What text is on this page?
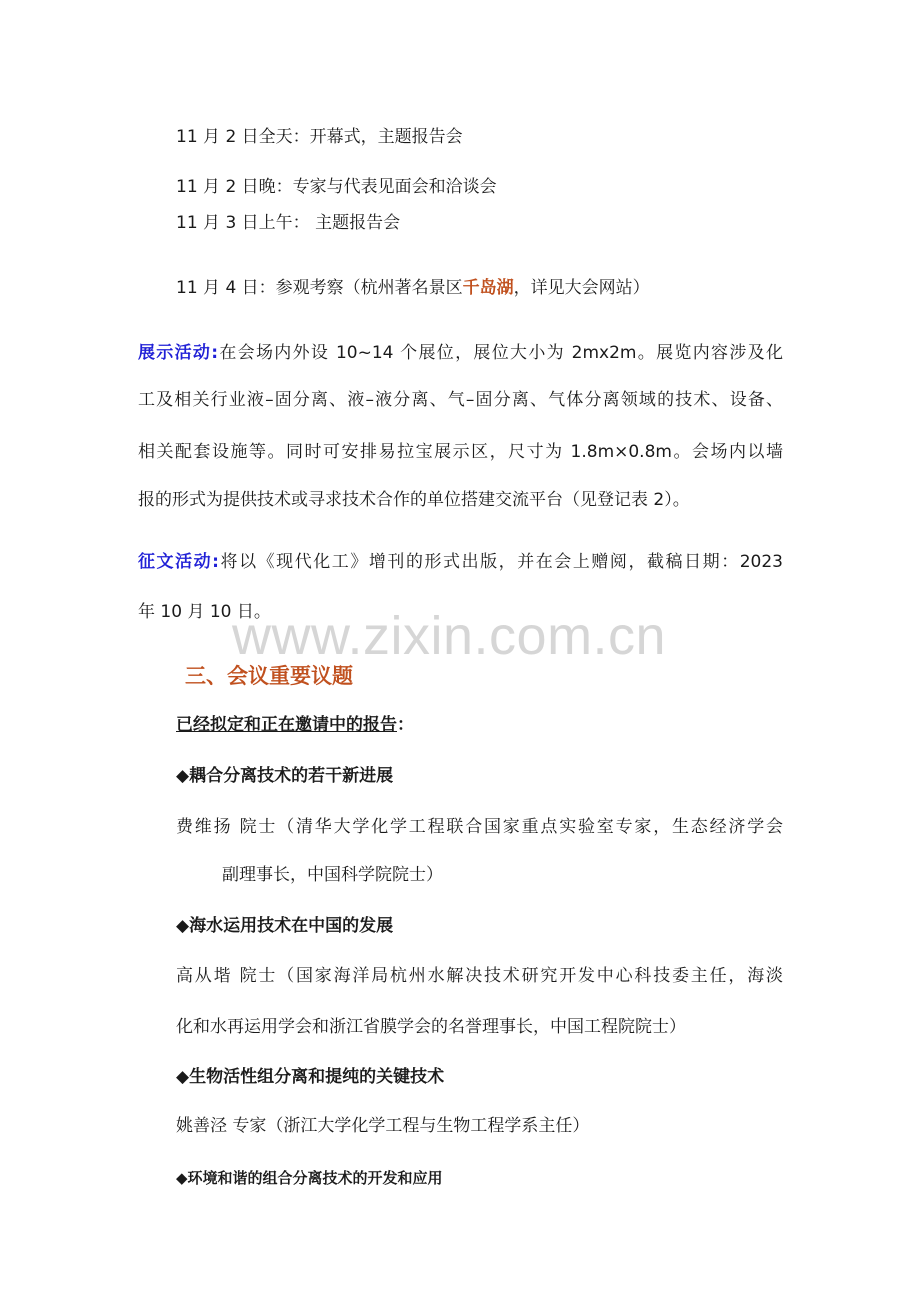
11 月 2 日全天：开幕式，主题报告会
11 月 2 日晚：专家与代表见面会和洽谈会
11 月 3 日上午： 主题报告会
11 月 4 日：参观考察（杭州著名景区千岛湖，详见大会网站）
展示活动:在会场内外设 10~14 个展位，展位大小为 2mx2m。展览内容涉及化
工及相关行业液–固分离、液–液分离、气–固分离、气体分离领域的技术、设备、
相关配套设施等。同时可安排易拉宝展示区，尺寸为 1.8m×0.8m。会场内以墙
报的形式为提供技术或寻求技术合作的单位搭建交流平台（见登记表 2）。
征文活动:将以《现代化工》增刊的形式出版，并在会上赠阅，截稿日期：2023
年 10 月 10 日。
www.zixin.com.cn
三、会议重要议题
已经拟定和正在邀请中的报告：
◆耦合分离技术的若干新进展
费维扬 院士（清华大学化学工程联合国家重点实验室专家，生态经济学会
副理事长，中国科学院院士）
◆海水运用技术在中国的发展
高从堦 院士（国家海洋局杭州水解决技术研究开发中心科技委主任，海淡
化和水再运用学会和浙江省膜学会的名誉理事长，中国工程院院士）
◆生物活性组分离和提纯的关键技术
姚善泾 专家（浙江大学化学工程与生物工程学系主任）
◆环境和谐的组合分离技术的开发和应用
